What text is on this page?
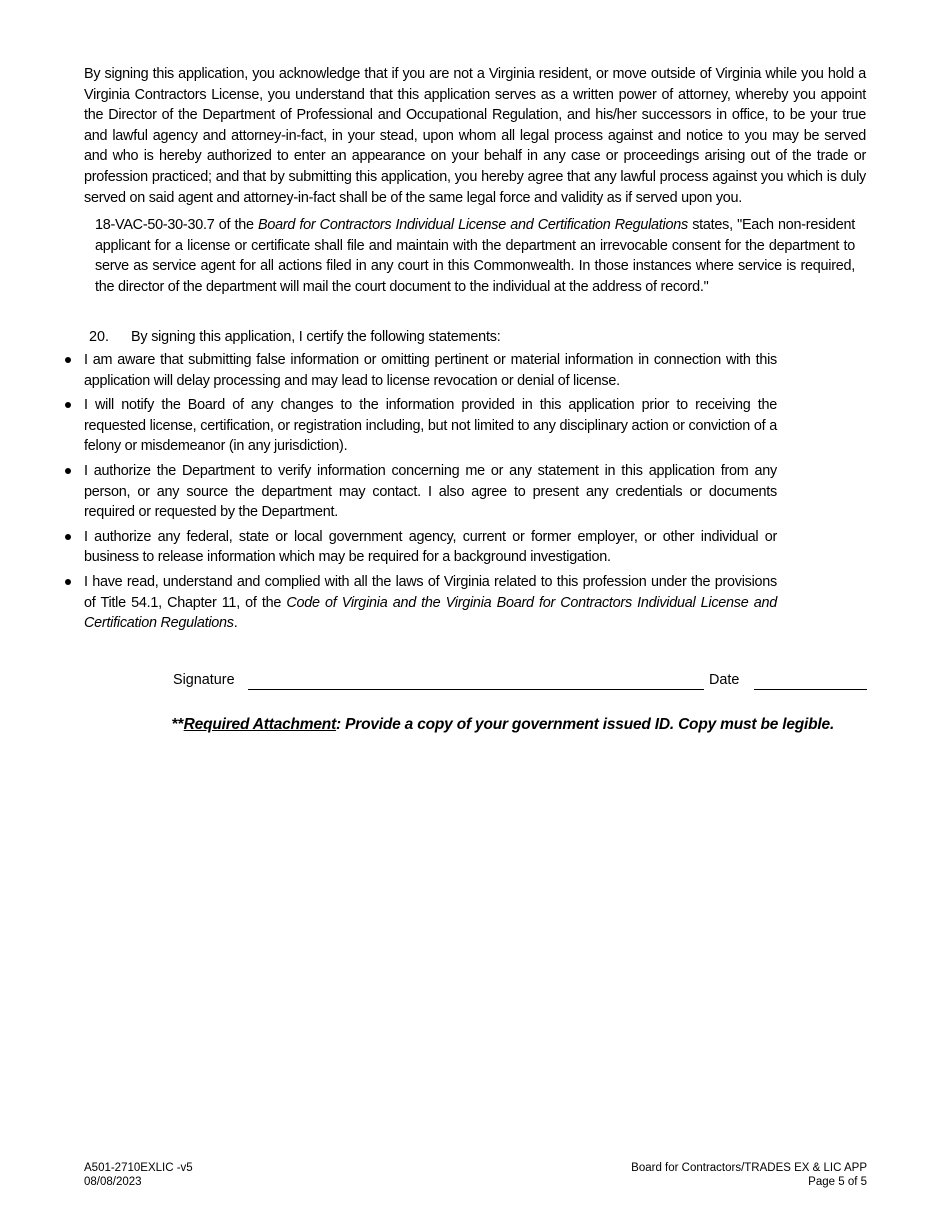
By signing this application, you acknowledge that if you are not a Virginia resident, or move outside of Virginia while you hold a Virginia Contractors License, you understand that this application serves as a written power of attorney, whereby you appoint the Director of the Department of Professional and Occupational Regulation, and his/her successors in office, to be your true and lawful agency and attorney-in-fact, in your stead, upon whom all legal process against and notice to you may be served and who is hereby authorized to enter an appearance on your behalf in any case or proceedings arising out of the trade or profession practiced; and that by submitting this application, you hereby agree that any lawful process against you which is duly served on said agent and attorney-in-fact shall be of the same legal force and validity as if served upon you.
18-VAC-50-30-30.7 of the Board for Contractors Individual License and Certification Regulations states, "Each non-resident applicant for a license or certificate shall file and maintain with the department an irrevocable consent for the department to serve as service agent for all actions filed in any court in this Commonwealth. In those instances where service is required, the director of the department will mail the court document to the individual at the address of record."
20. By signing this application, I certify the following statements:
I am aware that submitting false information or omitting pertinent or material information in connection with this application will delay processing and may lead to license revocation or denial of license.
I will notify the Board of any changes to the information provided in this application prior to receiving the requested license, certification, or registration including, but not limited to any disciplinary action or conviction of a felony or misdemeanor (in any jurisdiction).
I authorize the Department to verify information concerning me or any statement in this application from any person, or any source the department may contact. I also agree to present any credentials or documents required or requested by the Department.
I authorize any federal, state or local government agency, current or former employer, or other individual or business to release information which may be required for a background investigation.
I have read, understand and complied with all the laws of Virginia related to this profession under the provisions of Title 54.1, Chapter 11, of the Code of Virginia and the Virginia Board for Contractors Individual License and Certification Regulations.
Signature	Date
**Required Attachment: Provide a copy of your government issued ID. Copy must be legible.
A501-2710EXLIC -v5
08/08/2023
Board for Contractors/TRADES EX & LIC APP
Page 5 of 5
